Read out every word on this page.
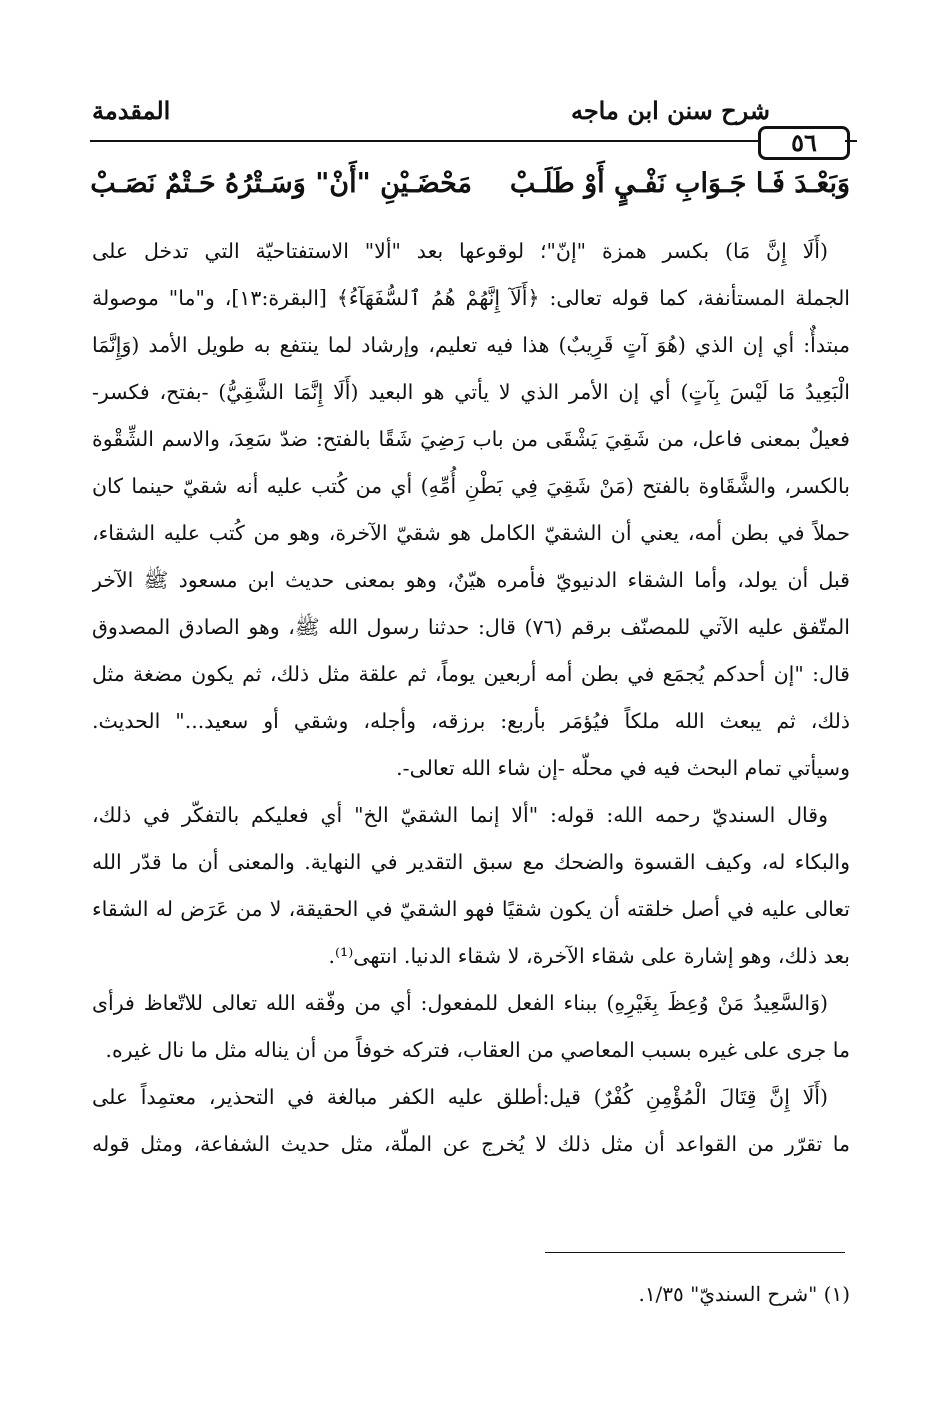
المقدمة	شرح سنن ابن ماجه
٥٦
وَبَعْـدَ فَـا جَـوَابِ نَفْـيٍ أَوْ طَلَـبْ
مَحْضَـيْنِ "أَنْ" وَسَـتْرُهُ حَـتْمٌ نَصَـبْ
(أَلَا إِنَّ مَا) بكسر همزة "إنّ"؛ لوقوعها بعد "ألا" الاستفتاحيّة التي تدخل على
الجملة المستأنفة، كما قوله تعالى: ﴿أَلَآ إِنَّهُمْ هُمُ ٱلسُّفَهَآءُ﴾ [البقرة:١٣]، و"ما" موصولة
مبتدأٌ: أي إن الذي (هُوَ آتٍ قَرِيبٌ) هذا فيه تعليم، وإرشاد لما ينتفع به طويل الأمد (وَإِنَّمَا
الْبَعِيدُ مَا لَيْسَ بِآتٍ) أي إن الأمر الذي لا يأتي هو البعيد (أَلَا إِنَّمَا الشَّقِيُّ) -بفتح، فكسر-
فعيلٌ بمعنى فاعل، من شَقِيَ يَشْقَى من باب رَضِيَ شَقًا بالفتح: ضدّ سَعِدَ، والاسم الشِّقْوة
بالكسر، والشَّقَاوة بالفتح (مَنْ شَقِيَ فِي بَطْنِ أُمِّهِ) أي من كُتب عليه أنه شقيّ حينما كان
حملاً في بطن أمه، يعني أن الشقيّ الكامل هو شقيّ الآخرة، وهو من كُتب عليه الشقاء،
قبل أن يولد، وأما الشقاء الدنيويّ فأمره هيّنٌ، وهو بمعنى حديث ابن مسعود ﷺ الآخر
المتّفق عليه الآتي للمصنّف برقم (٧٦) قال: حدثنا رسول الله ﷺ، وهو الصادق المصدوق
قال: "إن أحدكم يُجمَع في بطن أمه أربعين يوماً، ثم علقة مثل ذلك، ثم يكون مضغة مثل
ذلك، ثم يبعث الله ملكاً فيُؤمَر بأربع: برزقه، وأجله، وشقي أو سعيد..." الحديث.
وسيأتي تمام البحث فيه في محلّه -إن شاء الله تعالى-.
وقال السنديّ رحمه الله: قوله: "ألا إنما الشقيّ الخ" أي فعليكم بالتفكّر في ذلك،
والبكاء له، وكيف القسوة والضحك مع سبق التقدير في النهاية. والمعنى أن ما قدّر الله
تعالى عليه في أصل خلقته أن يكون شقيًا فهو الشقيّ في الحقيقة، لا من عَرَض له الشقاء
بعد ذلك، وهو إشارة على شقاء الآخرة، لا شقاء الدنيا. انتهى⁽¹⁾.
(وَالسَّعِيدُ مَنْ وُعِظَ بِغَيْرِهِ) ببناء الفعل للمفعول: أي من وفّقه الله تعالى للاتّعاظ فرأى
ما جرى على غيره بسبب المعاصي من العقاب، فتركه خوفاً من أن يناله مثل ما نال غيره.
(أَلَا إِنَّ قِتَالَ الْمُؤْمِنِ كُفْرٌ) قيل:أطلق عليه الكفر مبالغة في التحذير، معتمِداً على
ما تقرّر من القواعد أن مثل ذلك لا يُخرج عن الملّة، مثل حديث الشفاعة، ومثل قوله
(١) "شرح السنديّ" ١/٣٥.
